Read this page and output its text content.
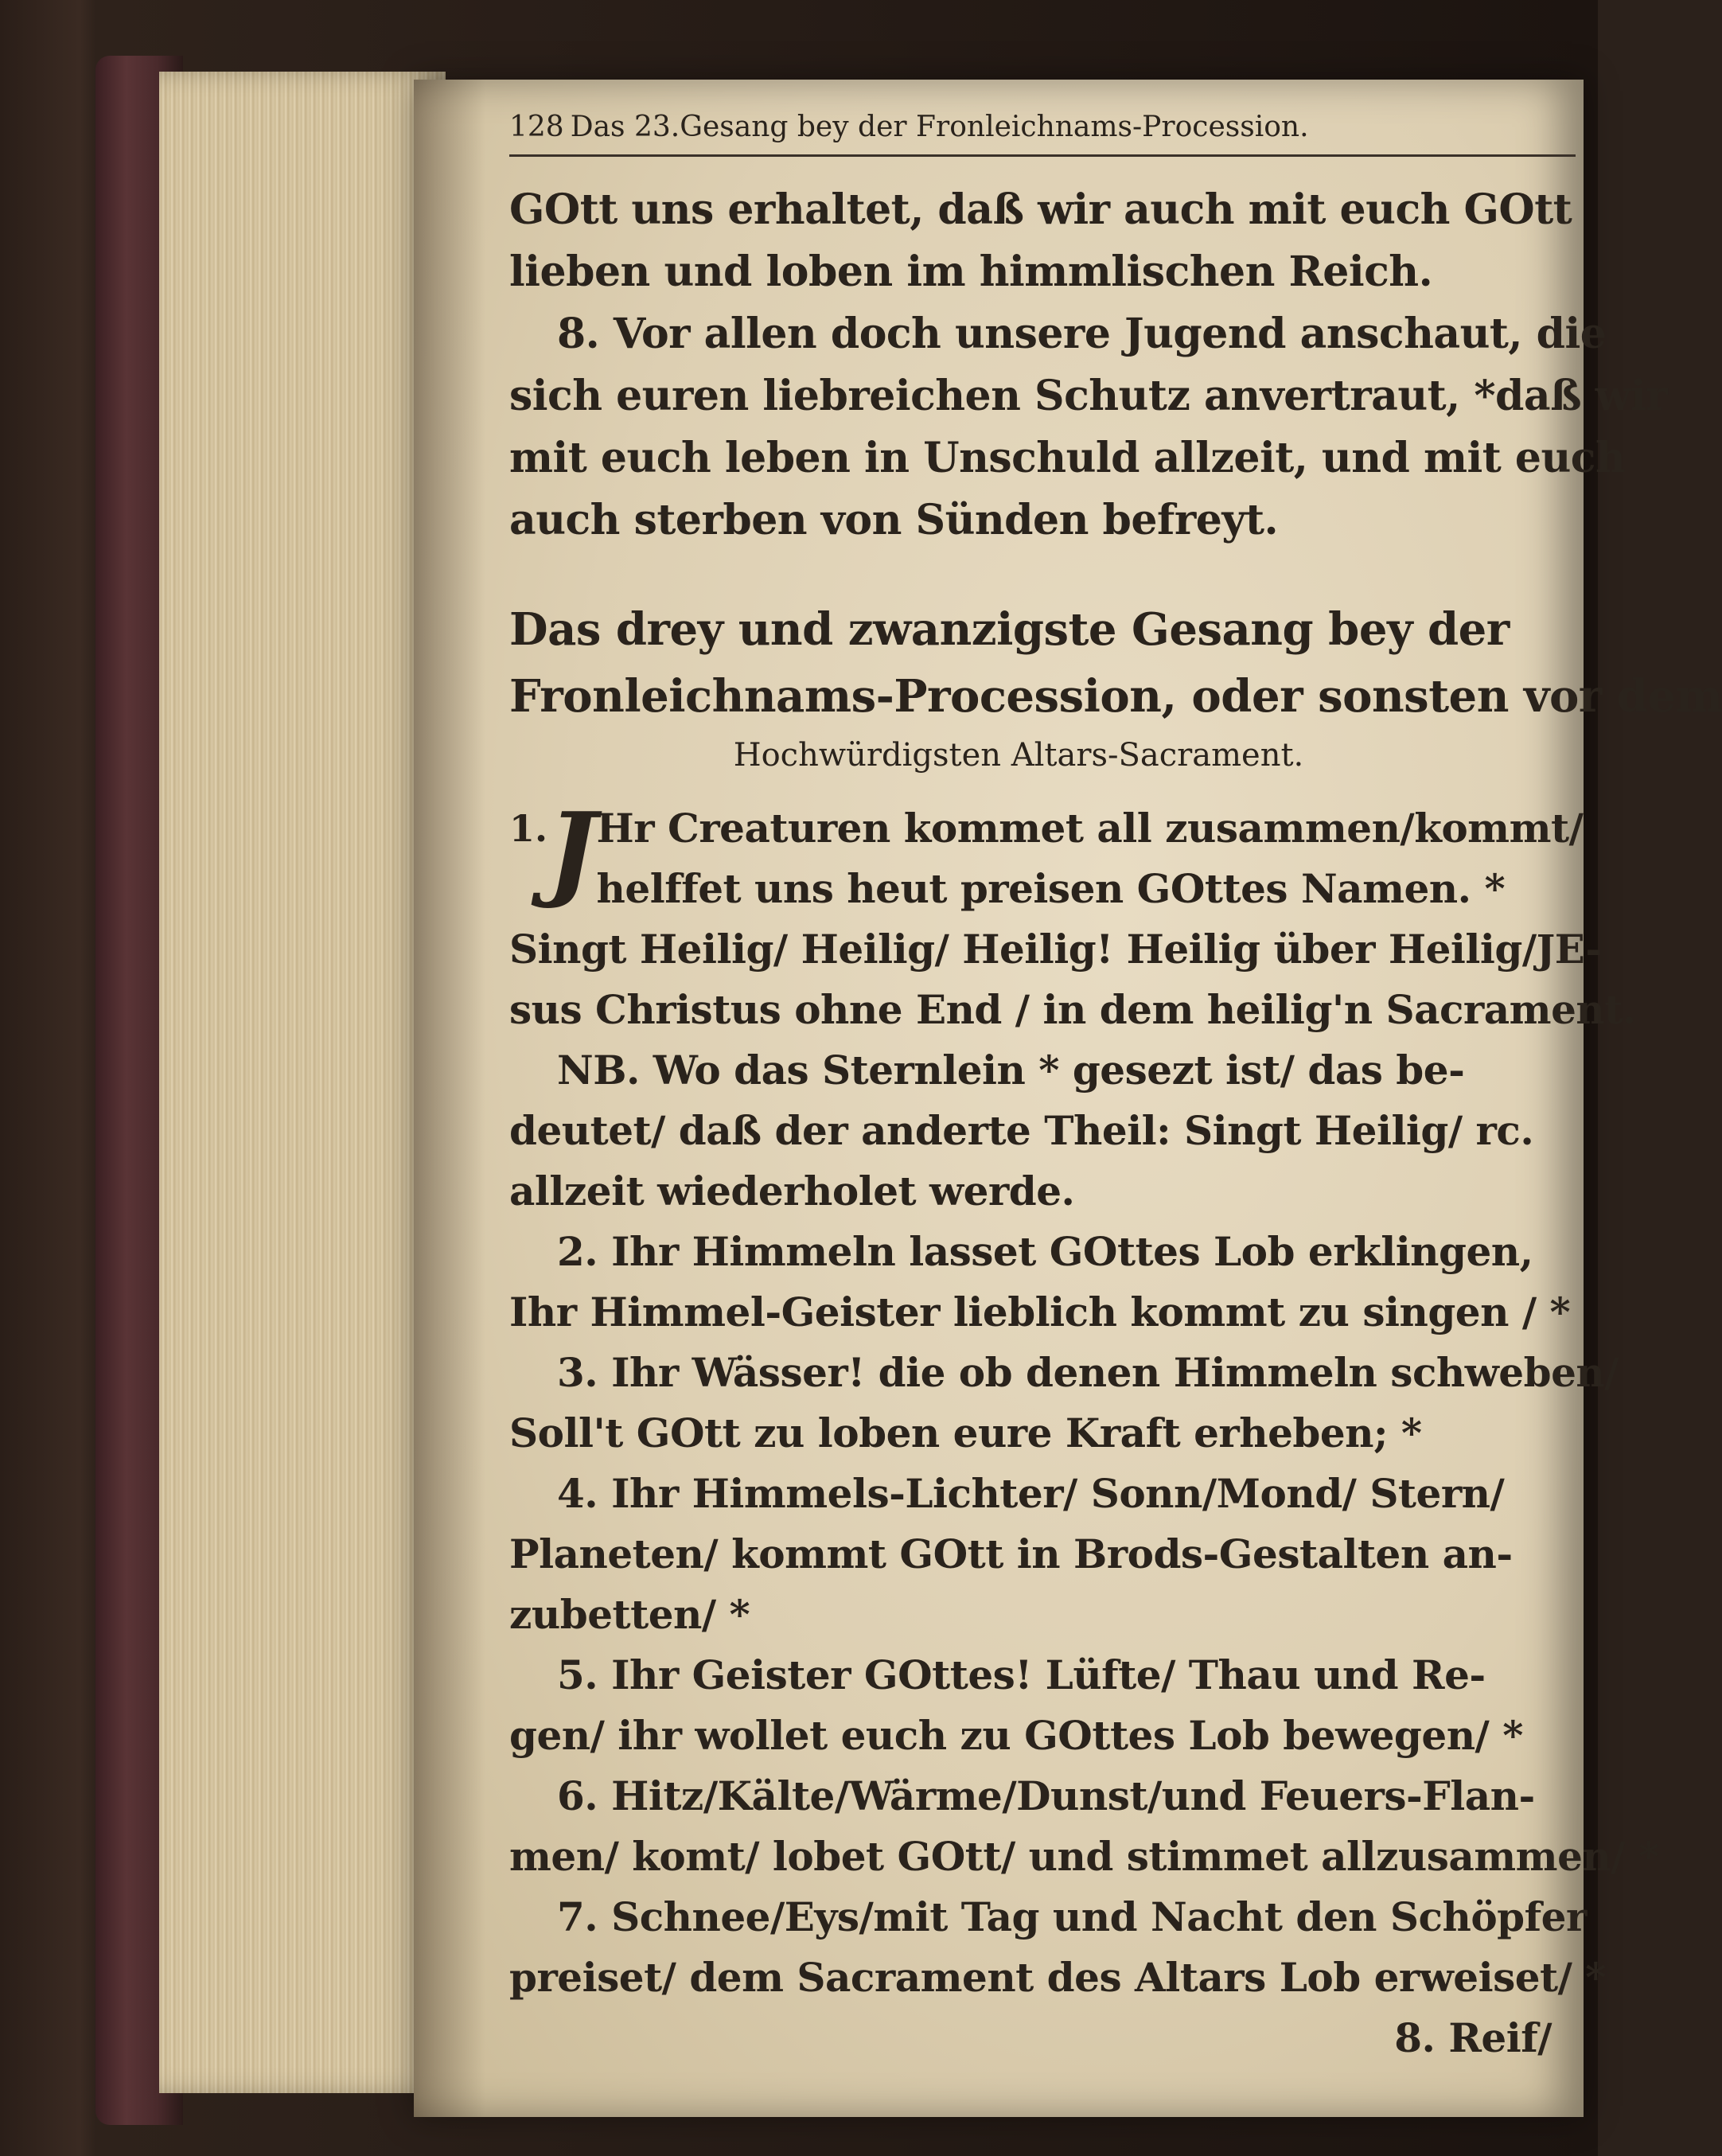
128 Das 23.Gesang bey der Fronleichnams-Procession.
GOtt uns erhaltet, daß wir auch mit euch GOtt
lieben und loben im himmlischen Reich.
8. Vor allen doch unsere Jugend anschaut, die
sich euren liebreichen Schutz anvertraut, *daß wir
mit euch leben in Unschuld allzeit, und mit euch
auch sterben von Sünden befreyt.
Das drey und zwanzigste Gesang bey der
Fronleichnams-Procession, oder sonsten vor dem
Hochwürdigsten Altars-Sacrament.
1. J Hr Creaturen kommet all zusammen/kommt/
helffet uns heut preisen GOttes Namen. *
Singt Heilig/ Heilig/ Heilig! Heilig über Heilig/JE-
sus Christus ohne End / in dem heilig'n Sacrament.
NB. Wo das Sternlein * gesezt ist/ das be-
deutet/ daß der anderte Theil: Singt Heilig/ rc.
allzeit wiederholet werde.
2. Ihr Himmeln lasset GOttes Lob erklingen,
Ihr Himmel-Geister lieblich kommt zu singen / *
3. Ihr Wässer! die ob denen Himmeln schweben/
Soll't GOtt zu loben eure Kraft erheben; *
4. Ihr Himmels-Lichter/ Sonn/Mond/ Stern/
Planeten/ kommt GOtt in Brods-Gestalten an-
zubetten/ *
5. Ihr Geister GOttes! Lüfte/ Thau und Re-
gen/ ihr wollet euch zu GOttes Lob bewegen/ *
6. Hitz/Kälte/Wärme/Dunst/und Feuers-Flan-
men/ komt/ lobet GOtt/ und stimmet allzusammen/ *
7. Schnee/Eys/mit Tag und Nacht den Schöpfer
preiset/ dem Sacrament des Altars Lob erweiset/ *
8. Reif/
